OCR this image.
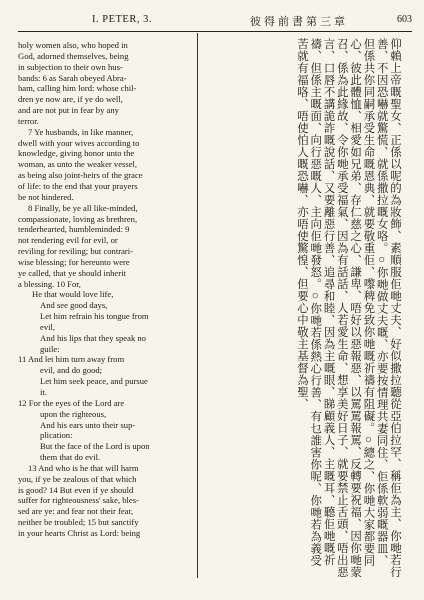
I. PETER, 3.	彼得前書第三章	603

holy women also, who hoped in

God, adorned themselves, being

in subjection to their own hus-

bands: 6 as Sarah obeyed Abra-

ham, calling him lord: whose chil-

dren ye now are, if ye do well,

and are not put in fear by any

terror.

7 Ye husbands, in like manner,

dwell with your wives according to

knowledge, giving honor unto the

woman, as unto the weaker vessel,

as being also joint-heirs of the grace

of life: to the end that your prayers

be not hindered.

8 Finally, be ye all like-minded,

compassionate, loving as brethren,

tenderhearted, humbleminded: 9

not rendering evil for evil, or

reviling for reviling; but contrari-

wise blessing; for hereunto were

ye called, that ye should inherit

a blessing. 10 For,

He that would love life,

And see good days,

Let him refrain his tongue from

evil,

And his lips that they speak no

guile:

11 And let him turn away from

evil, and do good;

Let him seek peace, and pursue

it.

12 For the eyes of the Lord are

upon the righteous,

And his ears unto their sup-

plication:

But the face of the Lord is upon

them that do evil.

13 And who is he that will harm

you, if ye be zealous of that which

is good? 14 But even if ye should

suffer for righteousness' sake, bles-

sed are ye: and fear not their fear,

neither be troubled; 15 but sanctify

in your hearts Christ as Lord: being	仰賴上帝嘅聖女、正係以呢的為妝飾、素順服佢哋丈夫、好似撒拉聽從亞伯拉罕、稱佢為主、你哋若行善、不因恐嚇就驚慌、就係撒拉嘅女咯。○你哋做丈夫嘅、亦要按情理共妻同住、佢係軟弱嘅器皿、但係共你同嗣承受生命嘅恩典、就要敬重佢、嚟稗免致你哋嘅祈禱有阻礙。○總之、你哋大家都要同心、彼此體恤、相愛如兄弟、存仁慈之心、謙卑、唔好以惡報惡、以罵罵報罵、反轉要祝福、因你哋蒙召、係為此緣故、令你哋承受福氣、因為有話話、人若愛生命、想享美好日子、就要禁止舌頭、唔出惡言、口唇不講詭詐嘅說話、又要離惡行善、追尋和睦、因為主嘅眼、睇顧義人、主嘅耳、聽佢哋嘅祈禱、但係主嘅面、向行惡嘅人、主向佢哋發怒。○你哋若係熱心行善、有乜誰害你呢、你哋若為義受苦就有福咯、唔使怕人嘅恐嚇、亦唔使驚惶、但要心中敬主基督為聖、
